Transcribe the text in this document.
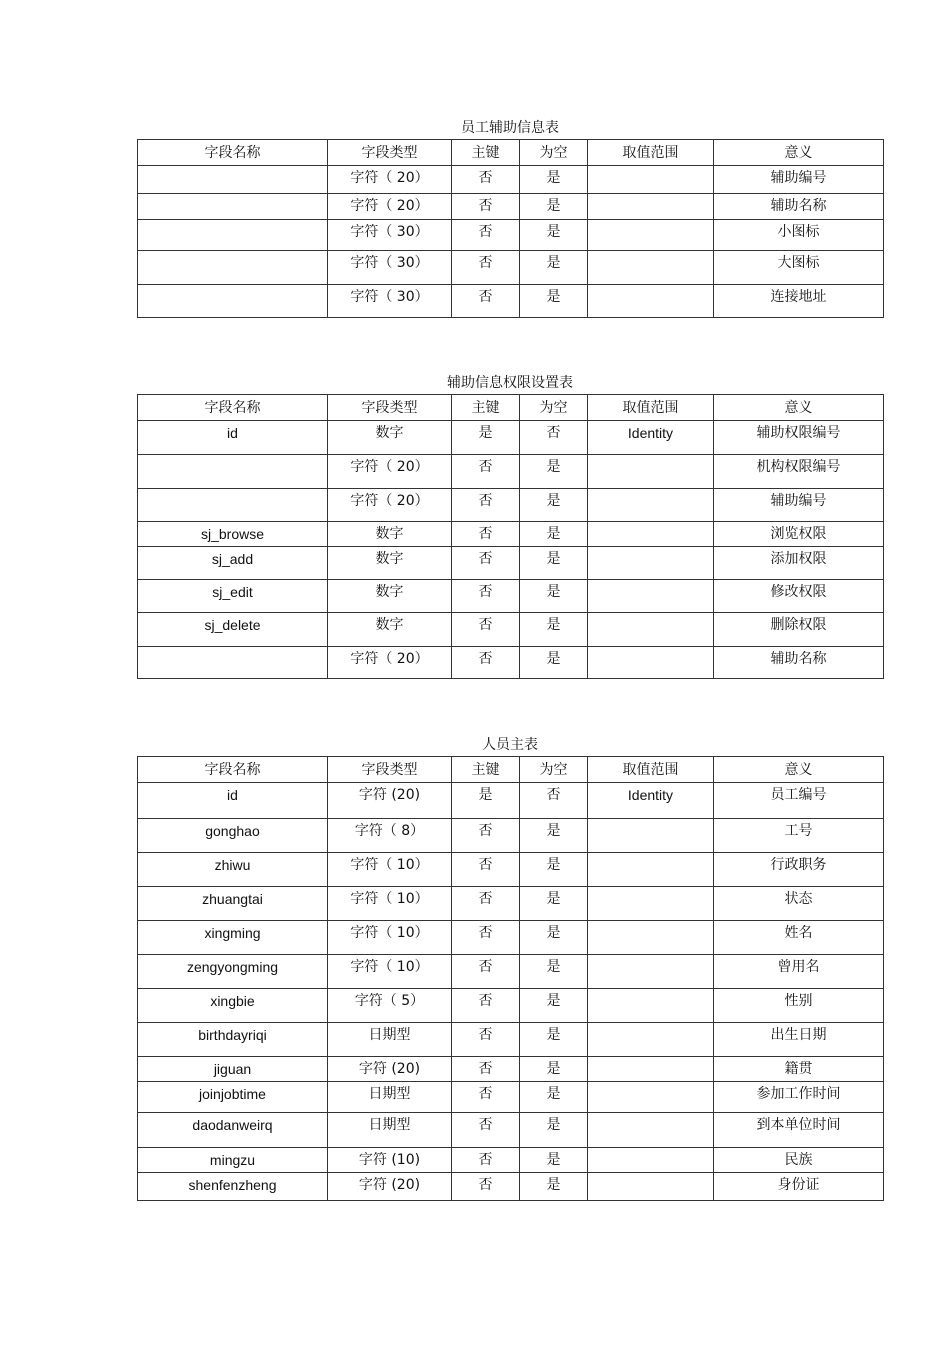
员工辅助信息表
字段名称	字段类型	主键	为空	取值范围	意义
	字符（ 20）	否	是		辅助编号
	字符（ 20）	否	是		辅助名称
	字符（ 30）	否	是		小图标
	字符（ 30）	否	是		大图标
	字符（ 30）	否	是		连接地址
辅助信息权限设置表
字段名称	字段类型	主键	为空	取值范围	意义
id	数字	是	否	Identity	辅助权限编号
	字符（ 20）	否	是		机构权限编号
	字符（ 20）	否	是		辅助编号
sj_browse	数字	否	是		浏览权限
sj_add	数字	否	是		添加权限
sj_edit	数字	否	是		修改权限
sj_delete	数字	否	是		删除权限
	字符（ 20）	否	是		辅助名称
人员主表
字段名称	字段类型	主键	为空	取值范围	意义
id	字符 (20)	是	否	Identity	员工编号
gonghao	字符（ 8）	否	是		工号
zhiwu	字符（ 10）	否	是		行政职务
zhuangtai	字符（ 10）	否	是		状态
xingming	字符（ 10）	否	是		姓名
zengyongming	字符（ 10）	否	是		曾用名
xingbie	字符（ 5）	否	是		性别
birthdayriqi	日期型	否	是		出生日期
jiguan	字符 (20)	否	是		籍贯
joinjobtime	日期型	否	是		参加工作时间
daodanweirq	日期型	否	是		到本单位时间
mingzu	字符 (10)	否	是		民族
shenfenzheng	字符 (20)	否	是		身份证
